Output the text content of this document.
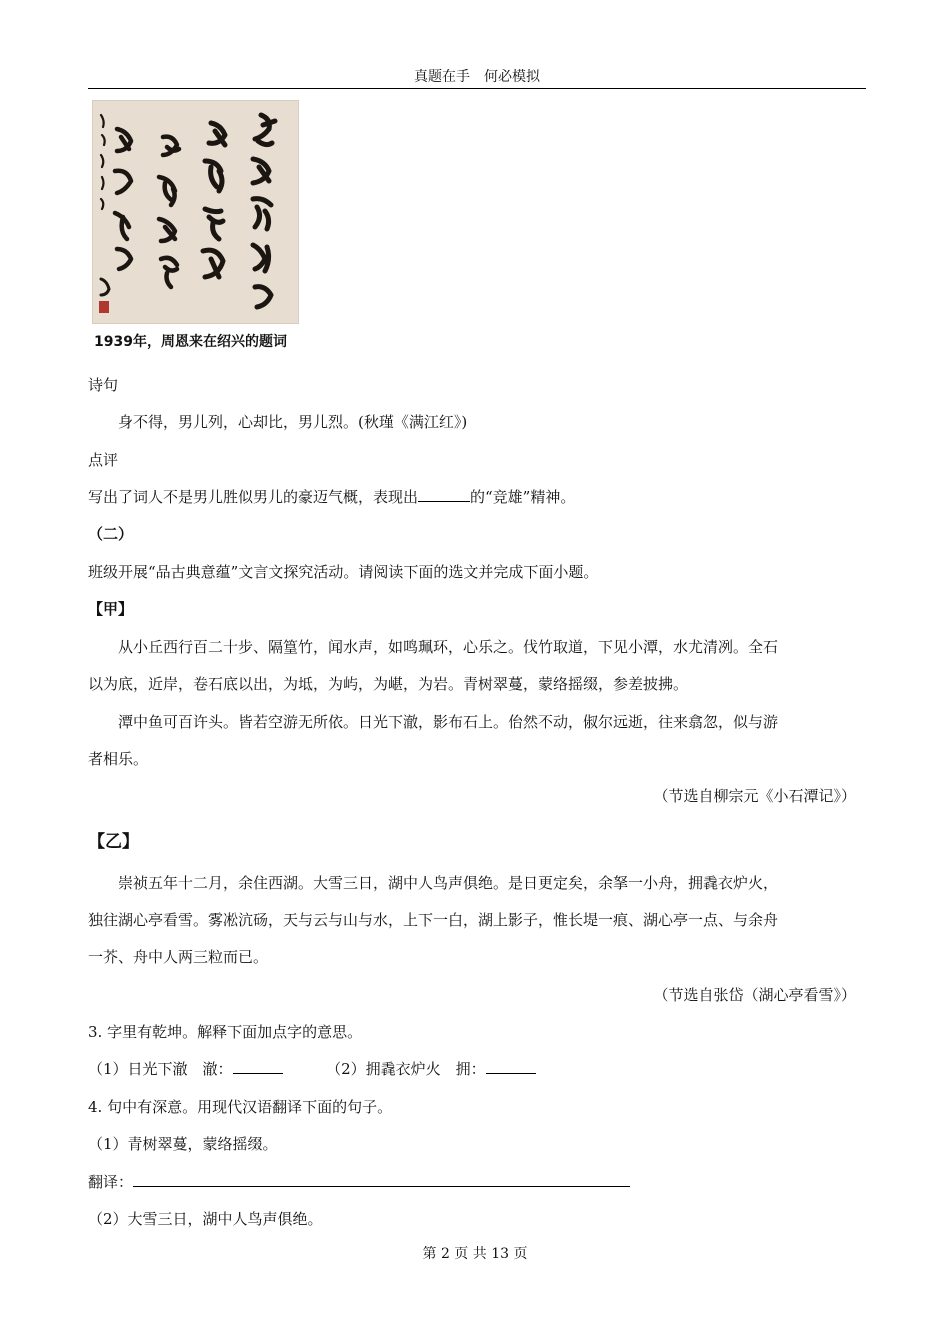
真题在手　何必模拟
1939年，周恩来在绍兴的题词
诗句
身不得，男儿列，心却比，男儿烈。(秋瑾《满江红》)
点评
写出了词人不是男儿胜似男儿的豪迈气概，表现出	的“竞雄”精神。
（二）
班级开展“品古典意蕴”文言文探究活动。请阅读下面的选文并完成下面小题。
【甲】
从小丘西行百二十步、隔篁竹，闻水声，如鸣珮环，心乐之。伐竹取道，下见小潭，水尤清冽。全石
以为底，近岸，卷石底以出，为坻，为屿，为嵁，为岩。青树翠蔓，蒙络摇缀，参差披拂。
潭中鱼可百许头。皆若空游无所依。日光下澈，影布石上。佁然不动，俶尔远逝，往来翕忽，似与游
者相乐。
（节选自柳宗元《小石潭记》）
【乙】
崇祯五年十二月，余住西湖。大雪三日，湖中人鸟声俱绝。是日更定矣，余拏一小舟，拥毳衣炉火，
独往湖心亭看雪。雾凇沆砀，天与云与山与水，上下一白，湖上影子，惟长堤一痕、湖心亭一点、与余舟
一芥、舟中人两三粒而已。
（节选自张岱（湖心亭看雪》）
3. 字里有乾坤。解释下面加点字的意思。
（1）日光下澈　澈：	（2）拥毳衣炉火　拥：
4. 句中有深意。用现代汉语翻译下面的句子。
（1）青树翠蔓，蒙络摇缀。
翻译：
（2）大雪三日，湖中人鸟声俱绝。
第 2 页 共 13 页
